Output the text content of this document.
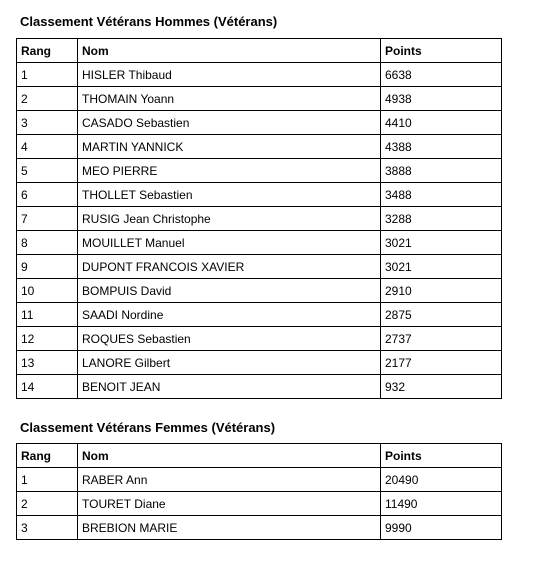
Classement Vétérans Hommes (Vétérans)
Rang	Nom	Points
1	HISLER Thibaud	6638
2	THOMAIN Yoann	4938
3	CASADO Sebastien	4410
4	MARTIN YANNICK	4388
5	MEO PIERRE	3888
6	THOLLET Sebastien	3488
7	RUSIG Jean Christophe	3288
8	MOUILLET Manuel	3021
9	DUPONT FRANCOIS XAVIER	3021
10	BOMPUIS David	2910
11	SAADI Nordine	2875
12	ROQUES Sebastien	2737
13	LANORE Gilbert	2177
14	BENOIT JEAN	932
Classement Vétérans Femmes (Vétérans)
Rang	Nom	Points
1	RABER Ann	20490
2	TOURET Diane	11490
3	BREBION MARIE	9990
